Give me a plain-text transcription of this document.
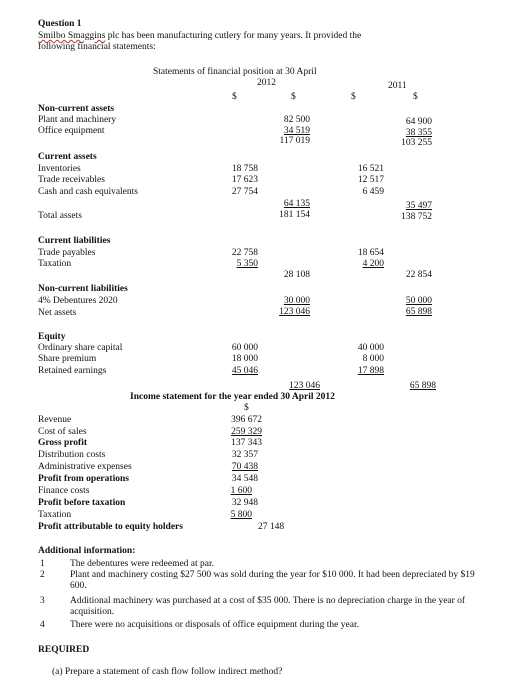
Question 1
Smilbo Smaggins plc has been manufacturing cutlery for many years. It provided the
following financial statements:
Statements of financial position at 30 April
2012	2011
$	$	$	$
Non-current assets
Plant and machinery	82 500	64 900
Office equipment	34 519	38 355
117 019	103 255
Current assets
Inventories	18 758	16 521
Trade receivables	17 623	12 517
Cash and cash equivalents	27 754	6 459
64 135	35 497
Total assets	181 154	138 752
Current liabilities
Trade payables	22 758	18 654
Taxation	5 350	4 200
28 108	22 854
Non-current liabilities
4% Debentures 2020	30 000	50 000
Net assets	123 046	65 898
Equity
Ordinary share capital	60 000	40 000
Share premium	18 000	8 000
Retained earnings	45 046	17 898
123 046	65 898
Income statement for the year ended 30 April 2012
$
Revenue	396 672
Cost of sales	259 329
Gross profit	137 343
Distribution costs	32 357
Administrative expenses	70 438
Profit from operations	34 548
Finance costs	1 600
Profit before taxation	32 948
Taxation	5 800
Profit attributable to equity holders	27 148
Additional information:
1	The debentures were redeemed at par.
2	Plant and machinery costing $27 500 was sold during the year for $10 000. It had been depreciated by $19 600.
3	Additional machinery was purchased at a cost of $35 000. There is no depreciation charge in the year of acquisition.
4	There were no acquisitions or disposals of office equipment during the year.
REQUIRED
(a) Prepare a statement of cash flow follow indirect method?
